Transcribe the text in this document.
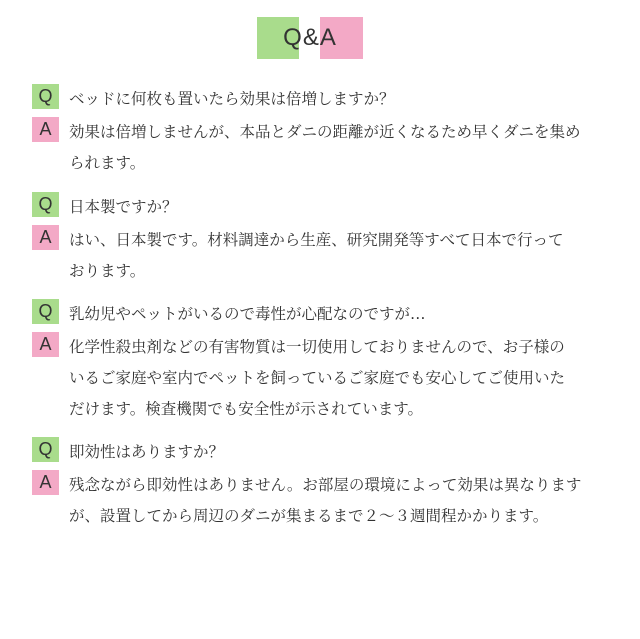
Q&A
Q	ベッドに何枚も置いたら効果は倍増しますか？
A	効果は倍増しませんが、本品とダニの距離が近くなるため早くダニを集め
られます。
Q	日本製ですか？
A	はい、日本製です。材料調達から生産、研究開発等すべて日本で行って
おります。
Q	乳幼児やペットがいるので毒性が心配なのですが…
A	化学性殺虫剤などの有害物質は一切使用しておりませんので、お子様の
いるご家庭や室内でペットを飼っているご家庭でも安心してご使用いた
だけます。検査機関でも安全性が示されています。
Q	即効性はありますか？
A	残念ながら即効性はありません。お部屋の環境によって効果は異なります
が、設置してから周辺のダニが集まるまで２～３週間程かかります。
